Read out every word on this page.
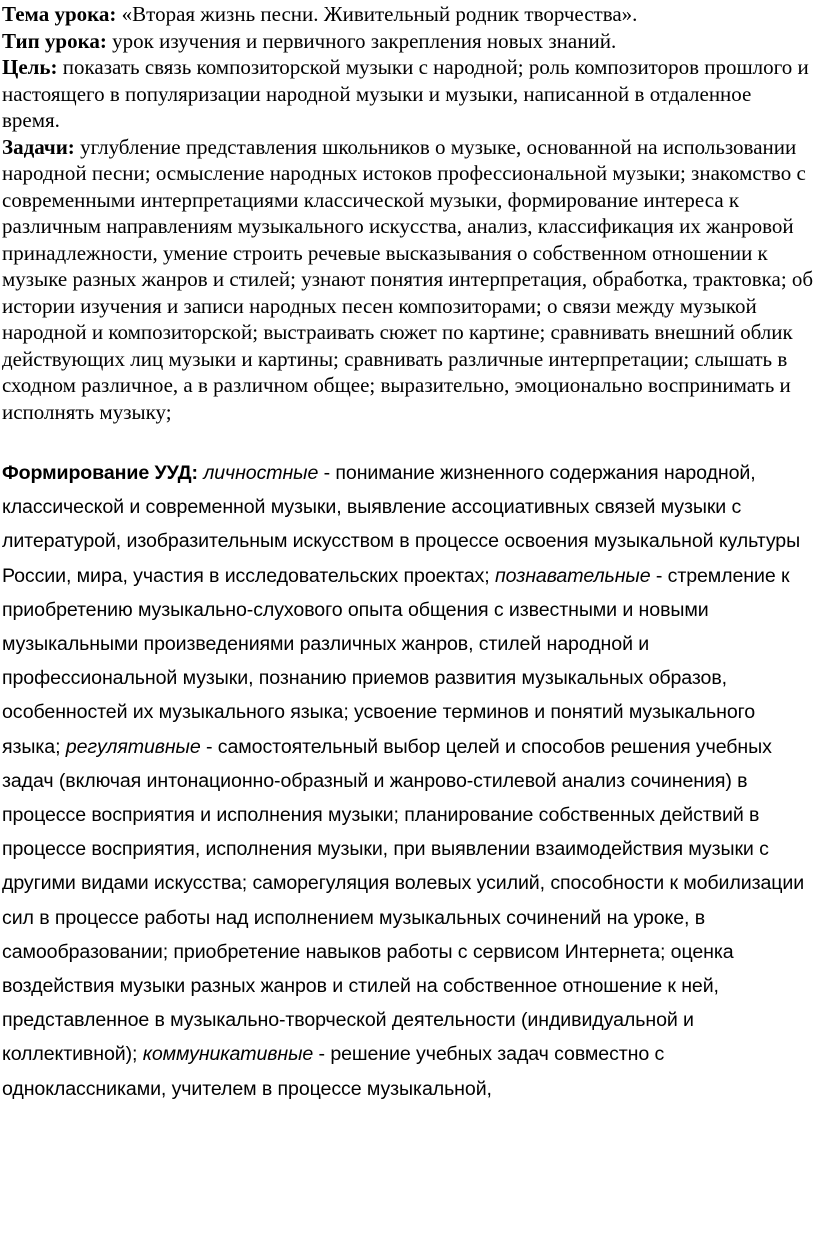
Тема урока: «Вторая жизнь песни. Живительный родник творчества».

Тип урока: урок изучения и первичного закрепления новых знаний.

Цель: показать связь композиторской музыки с народной; роль композиторов прошлого и настоящего в популяризации народной музыки и музыки, написанной в отдаленное время.

Задачи: углубление представления школьников о музыке, основанной на использовании народной песни; осмысление народных истоков профессиональной музыки; знакомство с современными интерпретациями классической музыки, формирование интереса к различным направлениям музыкального искусства, анализ, классификация их жанровой принадлежности, умение строить речевые высказывания о собственном отношении к музыке разных жанров и стилей; узнают понятия интерпретация, обработка, трактовка; об истории изучения и записи народных песен композиторами; о связи между музыкой народной и композиторской; выстраивать сюжет по картине; сравнивать внешний облик действующих лиц музыки и картины; сравнивать различные интерпретации; слышать в сходном различное, а в различном общее; выразительно, эмоционально воспринимать и исполнять музыку;

Формирование УУД: личностные - понимание жизненного содержания народной, классической и современной музыки, выявление ассоциативных связей музыки с литературой, изобразительным искусством в процессе освоения музыкальной культуры России, мира, участия в исследовательских проектах; познавательные - стремление к приобретению музыкально-слухового опыта общения с известными и новыми музыкальными произведениями различных жанров, стилей народной и профессиональной музыки, познанию приемов развития музыкальных образов, особенностей их музыкального языка; усвоение терминов и понятий музыкального языка; регулятивные - самостоятельный выбор целей и способов решения учебных задач (включая интонационно-образный и жанрово-стилевой анализ сочинения) в процессе восприятия и исполнения музыки; планирование собственных действий в процессе восприятия, исполнения музыки, при выявлении взаимодействия музыки с другими видами искусства; саморегуляция волевых усилий, способности к мобилизации сил в процессе работы над исполнением музыкальных сочинений на уроке, в самообразовании; приобретение навыков работы с сервисом Интернета; оценка воздействия музыки разных жанров и стилей на собственное отношение к ней, представленное в музыкально-творческой деятельности (индивидуальной и коллективной); коммуникативные - решение учебных задач совместно с одноклассниками, учителем в процессе музыкальной,
